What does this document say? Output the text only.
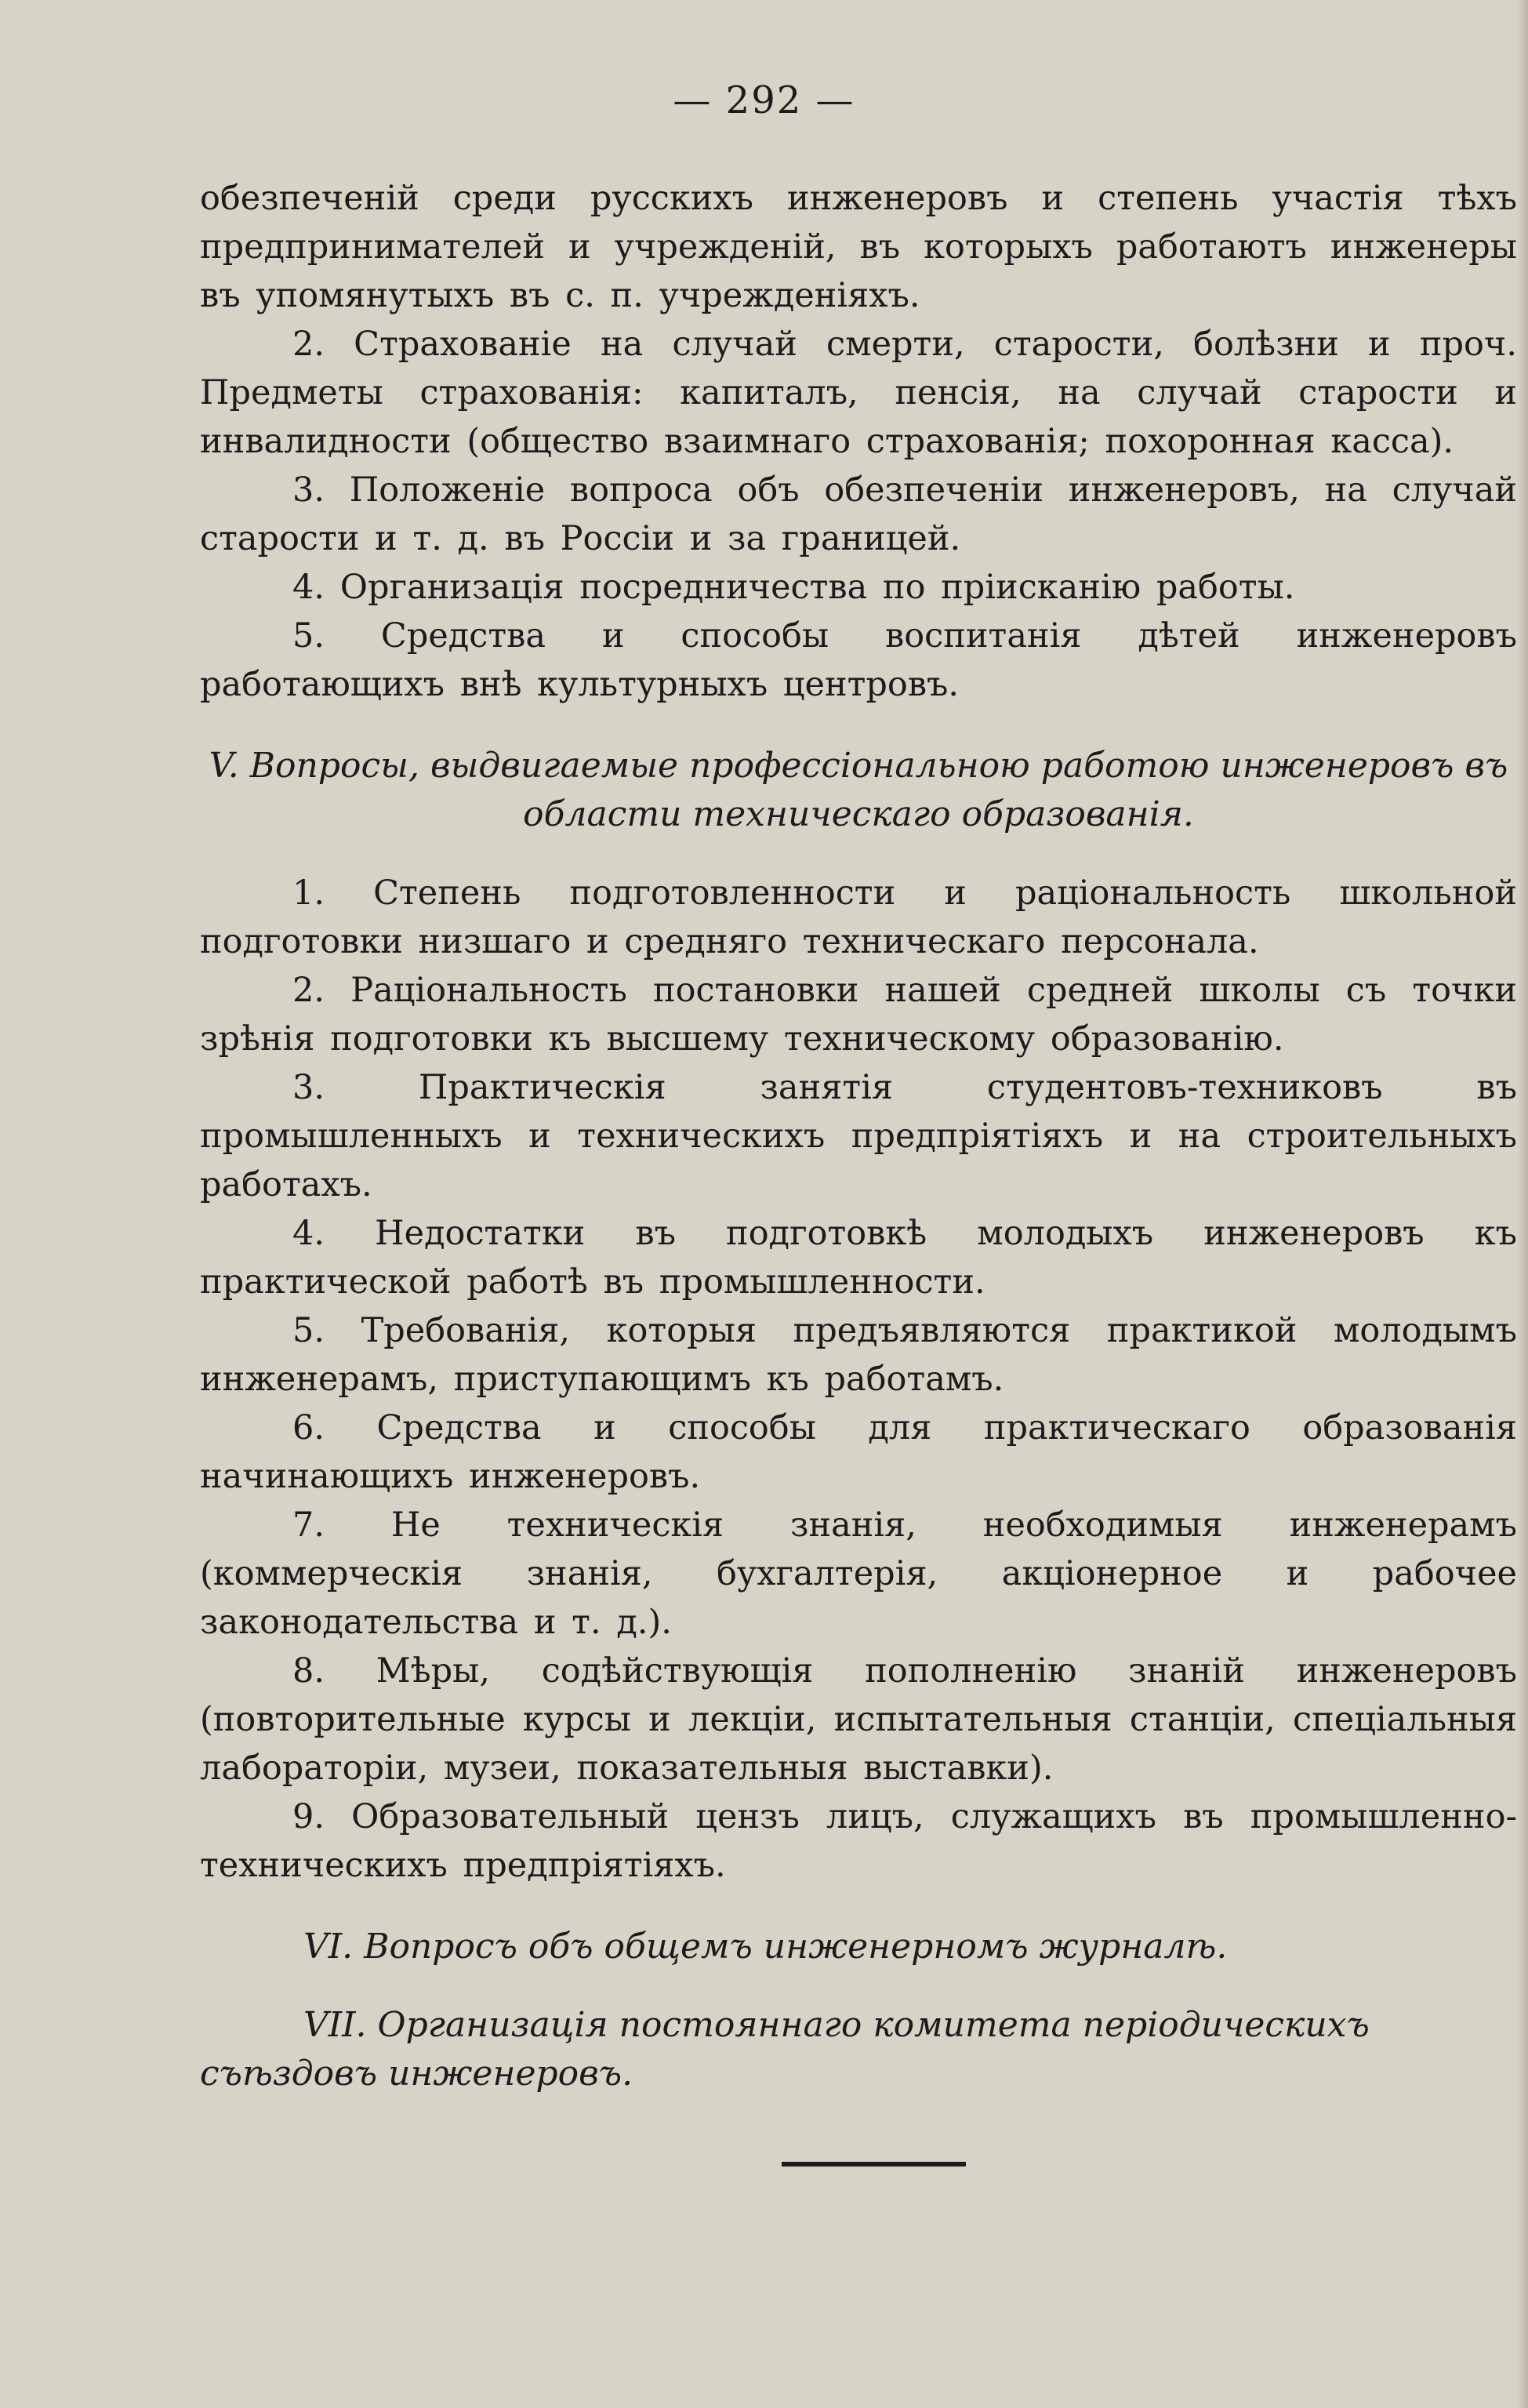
— 292 —

обезпеченій среди русскихъ инженеровъ и степень участія тѣхъ предпринимателей и учрежденій, въ которыхъ работаютъ инженеры въ упомянутыхъ въ с. п. учрежденіяхъ.

2. Страхованіе на случай смерти, старости, болѣзни и проч. Предметы страхованія: капиталъ, пенсія, на случай старости и инвалидности (общество взаимнаго страхованія; похоронная касса).

3. Положеніе вопроса объ обезпеченіи инженеровъ, на случай старости и т. д. въ Россіи и за границей.

4. Организація посредничества по пріисканію работы.

5. Средства и способы воспитанія дѣтей инженеровъ работающихъ внѣ культурныхъ центровъ.

V. Вопросы, выдвигаемые профессіональною работою инженеровъ въ
области техническаго образованія.

1. Степень подготовленности и раціональность школьной подготовки низшаго и средняго техническаго персонала.

2. Раціональность постановки нашей средней школы съ точки зрѣнія подготовки къ высшему техническому образованію.

3. Практическія занятія студентовъ-техниковъ въ промышленныхъ и техническихъ предпріятіяхъ и на строительныхъ работахъ.

4. Недостатки въ подготовкѣ молодыхъ инженеровъ къ практической работѣ въ промышленности.

5. Требованія, которыя предъявляются практикой молодымъ инженерамъ, приступающимъ къ работамъ.

6. Средства и способы для практическаго образованія начинающихъ инженеровъ.

7. Не техническія знанія, необходимыя инженерамъ (коммерческія знанія, бухгалтерія, акціонерное и рабочее законодательства и т. д.).

8. Мѣры, содѣйствующія пополненію знаній инженеровъ (повторительные курсы и лекціи, испытательныя станціи, спеціальныя лабораторіи, музеи, показательныя выставки).

9. Образовательный цензъ лицъ, служащихъ въ промышленно-техническихъ предпріятіяхъ.

VI. Вопросъ объ общемъ инженерномъ журналѣ.
VII. Организація постояннаго комитета періодическихъ съѣздовъ инженеровъ.
